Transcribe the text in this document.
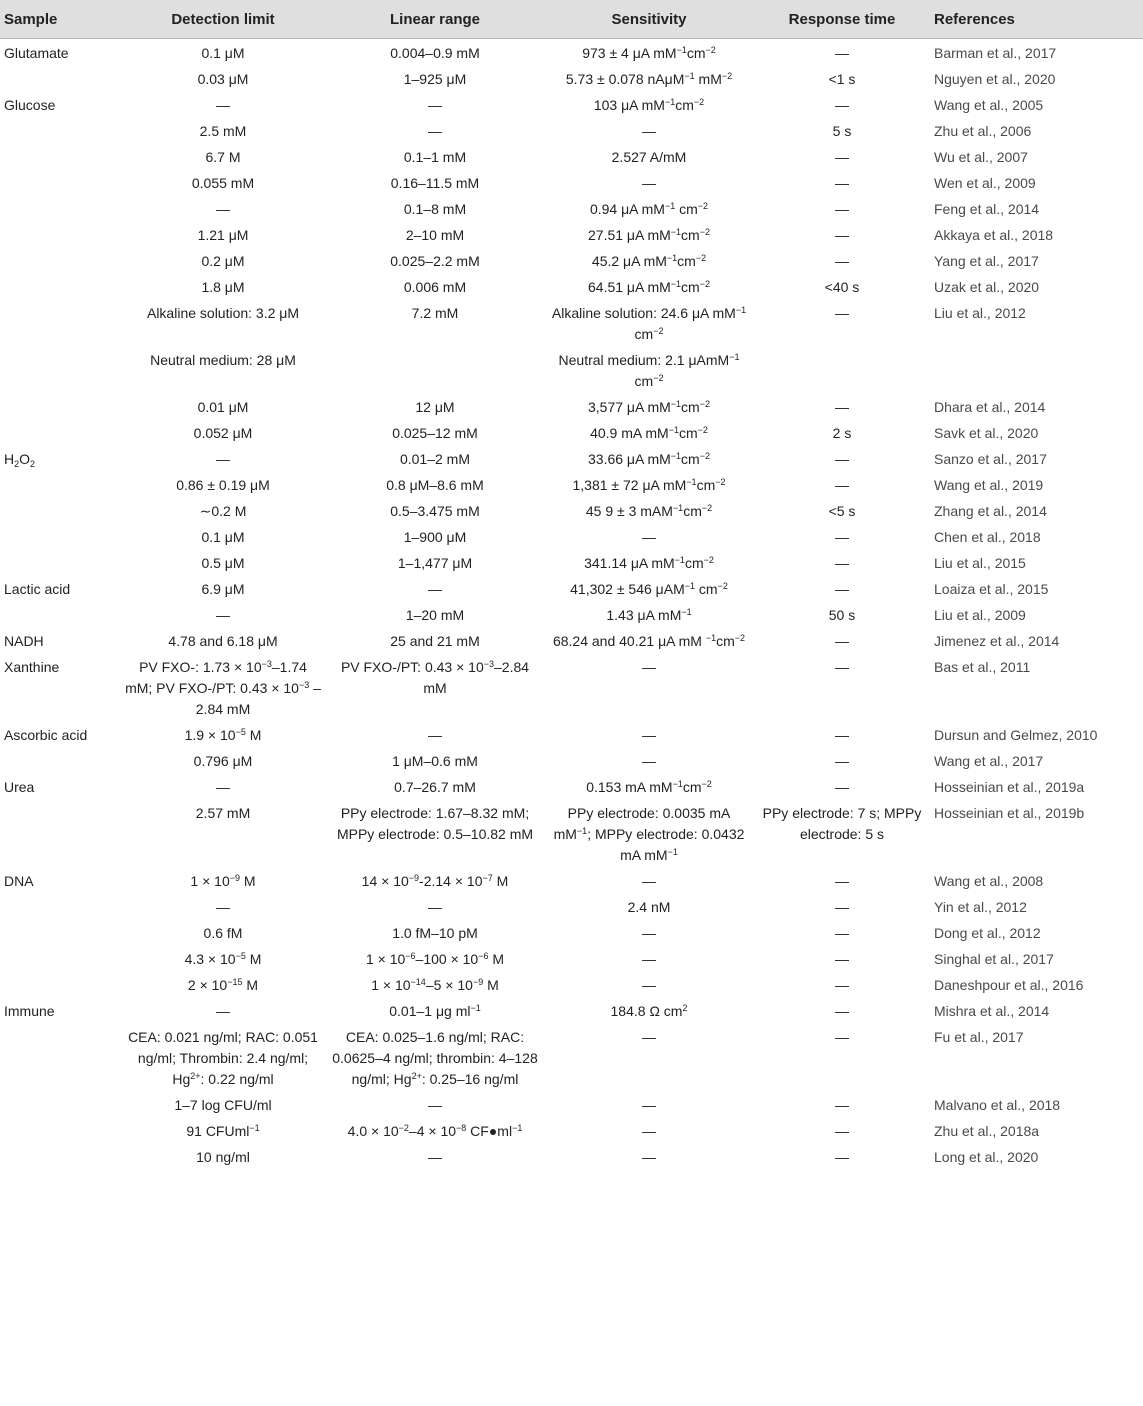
Sample	Detection limit	Linear range	Sensitivity	Response time	References
Glutamate	0.1 μM	0.004–0.9 mM	973 ± 4 μA $mM^{-1}cm^{-2}$	—	Barman et al., 2017
	0.03 μM	1–925 μM	5.73 ± 0.078 nAμM$^{-1}$ $mM^{-2}$	<1 s	Nguyen et al., 2020
Glucose	—	—	103 μA $mM^{-1}cm^{-2}$	—	Wang et al., 2005
	2.5 mM	—	—	5 s	Zhu et al., 2006
	6.7 M	0.1–1 mM	2.527 A/mM	—	Wu et al., 2007
	0.055 mM	0.16–11.5 mM	—	—	Wen et al., 2009
	—	0.1–8 mM	0.94 μA $mM^{-1}$ $cm^{-2}$	—	Feng et al., 2014
	1.21 μM	2–10 mM	27.51 μA $mM^{-1}cm^{-2}$	—	Akkaya et al., 2018
	0.2 μM	0.025–2.2 mM	45.2 μA $mM^{-1}cm^{-2}$	—	Yang et al., 2017
	1.8 μM	0.006 mM	64.51 μA $mM^{-1}cm^{-2}$	<40 s	Uzak et al., 2020
	Alkaline solution: 3.2 μM	7.2 mM	Alkaline solution: 24.6 μA $mM^{-1}$ $cm^{-2}$	—	Liu et al., 2012
	Neutral medium: 28 μM		Neutral medium: 2.1 μAmM$^{-1}$ $cm^{-2}$		
	0.01 μM	12 μM	3,577 μA $mM^{-1}cm^{-2}$	—	Dhara et al., 2014
	0.052 μM	0.025–12 mM	40.9 mA $mM^{-1}cm^{-2}$	2 s	Savk et al., 2020
$H_2O_2$	—	0.01–2 mM	33.66 μA $mM^{-1}cm^{-2}$	—	Sanzo et al., 2017
	0.86 ± 0.19 μM	0.8 μM–8.6 mM	1,381 ± 72 μA $mM^{-1}cm^{-2}$	—	Wang et al., 2019
	∼0.2 M	0.5–3.475 mM	45 9 ± 3 $mAM^{-1}cm^{-2}$	<5 s	Zhang et al., 2014
	0.1 μM	1–900 μM	—	—	Chen et al., 2018
	0.5 μM	1–1,477 μM	341.14 μA $mM^{-1}cm^{-2}$	—	Liu et al., 2015
Lactic acid	6.9 μM	—	41,302 ± 546 μAM$^{-1}$ $cm^{-2}$	—	Loaiza et al., 2015
	—	1–20 mM	1.43 μA $mM^{-1}$	50 s	Liu et al., 2009
NADH	4.78 and 6.18 μM	25 and 21 mM	68.24 and 40.21 μA mM $^{-1}cm^{-2}$	—	Jimenez et al., 2014
Xanthine	PV FXO-: $1.73 \times 10^{-3}-1.74$ mM; PV FXO-/PT: $0.43 \times 10^{-3}$ –2.84 mM	PV FXO-/PT: $0.43 \times 10^{-3}-2.84$ mM	—	—	Bas et al., 2011
Ascorbic acid	$1.9 \times 10^{-5}$ M	—	—	—	Dursun and Gelmez, 2010
	0.796 μM	1 μM–0.6 mM	—	—	Wang et al., 2017
Urea	—	0.7–26.7 mM	0.153 mA $mM^{-1}cm^{-2}$	—	Hosseinian et al., 2019a
	2.57 mM	PPy electrode: 1.67–8.32 mM; MPPy electrode: 0.5–10.82 mM	PPy electrode: 0.0035 mA $mM^{-1}$; MPPy electrode: 0.0432 mA $mM^{-1}$	PPy electrode: 7 s; MPPy electrode: 5 s	Hosseinian et al., 2019b
DNA	$1 \times 10^{-9}$ M	$14 \times 10^{-9}-2.14 \times 10^{-7}$ M	—	—	Wang et al., 2008
	—	—	2.4 nM	—	Yin et al., 2012
	0.6 fM	1.0 fM–10 pM	—	—	Dong et al., 2012
	$4.3 \times 10^{-5}$ M	$1 \times 10^{-6}-100 \times 10^{-6}$ M	—	—	Singhal et al., 2017
	$2 \times 10^{-15}$ M	$1 \times 10^{-14}-5 \times 10^{-9}$ M	—	—	Daneshpour et al., 2016
Immune	—	0.01–1 μg $ml^{-1}$	184.8 Ω $cm^2$	—	Mishra et al., 2014
	CEA: 0.021 ng/ml; RAC: 0.051 ng/ml; Thrombin: 2.4 ng/ml; $Hg^{2+}$: 0.22 ng/ml	CEA: 0.025–1.6 ng/ml; RAC: 0.0625–4 ng/ml; thrombin: 4–128 ng/ml; $Hg^{2+}$: 0.25–16 ng/ml	—	—	Fu et al., 2017
	1–7 log CFU/ml	—	—	—	Malvano et al., 2018
	91 CFUml$^{-1}$	$4.0 \times 10^{-2}-4 \times 10^{-8}$ $CF●ml^{-1}$	—	—	Zhu et al., 2018a
	10 ng/ml	—	—	—	Long et al., 2020
